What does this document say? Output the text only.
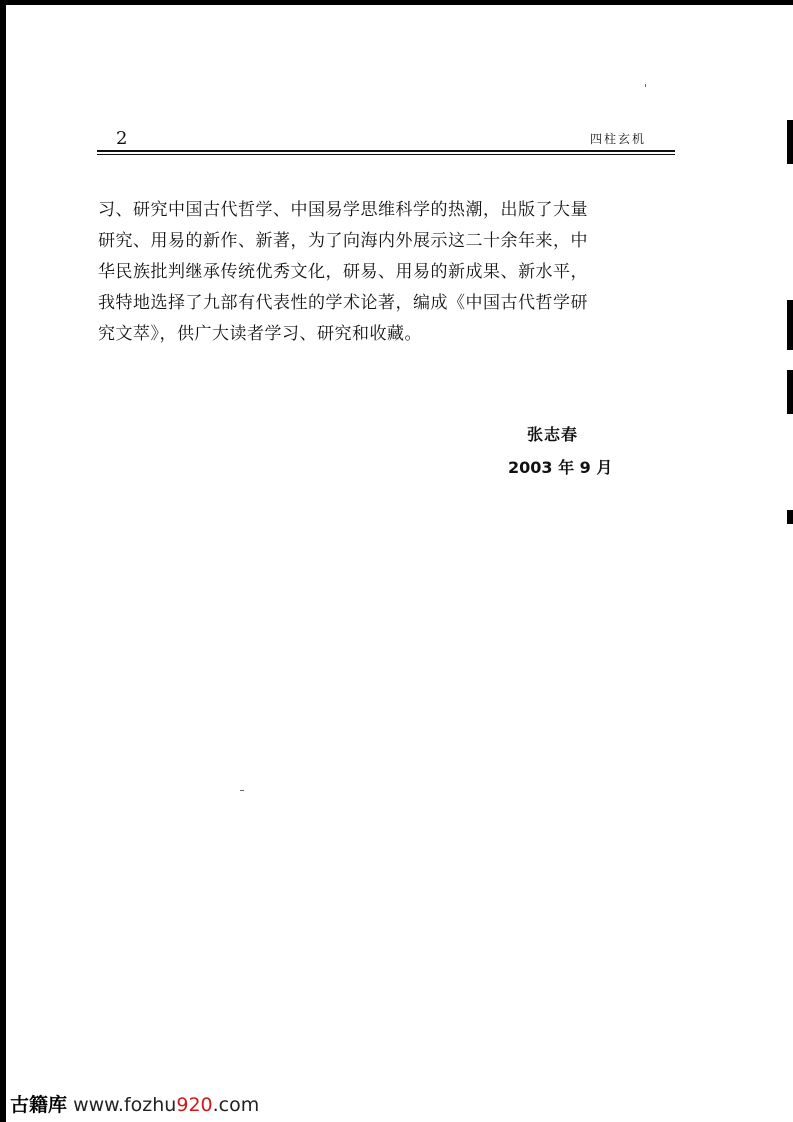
2	四柱玄机

习、研究中国古代哲学、中国易学思维科学的热潮，出版了大量
研究、用易的新作、新著，为了向海内外展示这二十余年来，中
华民族批判继承传统优秀文化，研易、用易的新成果、新水平，
我特地选择了九部有代表性的学术论著，编成《中国古代哲学研
究文萃》，供广大读者学习、研究和收藏。

张志春
2003 年 9 月
古籍库 www.fozhu920.com
